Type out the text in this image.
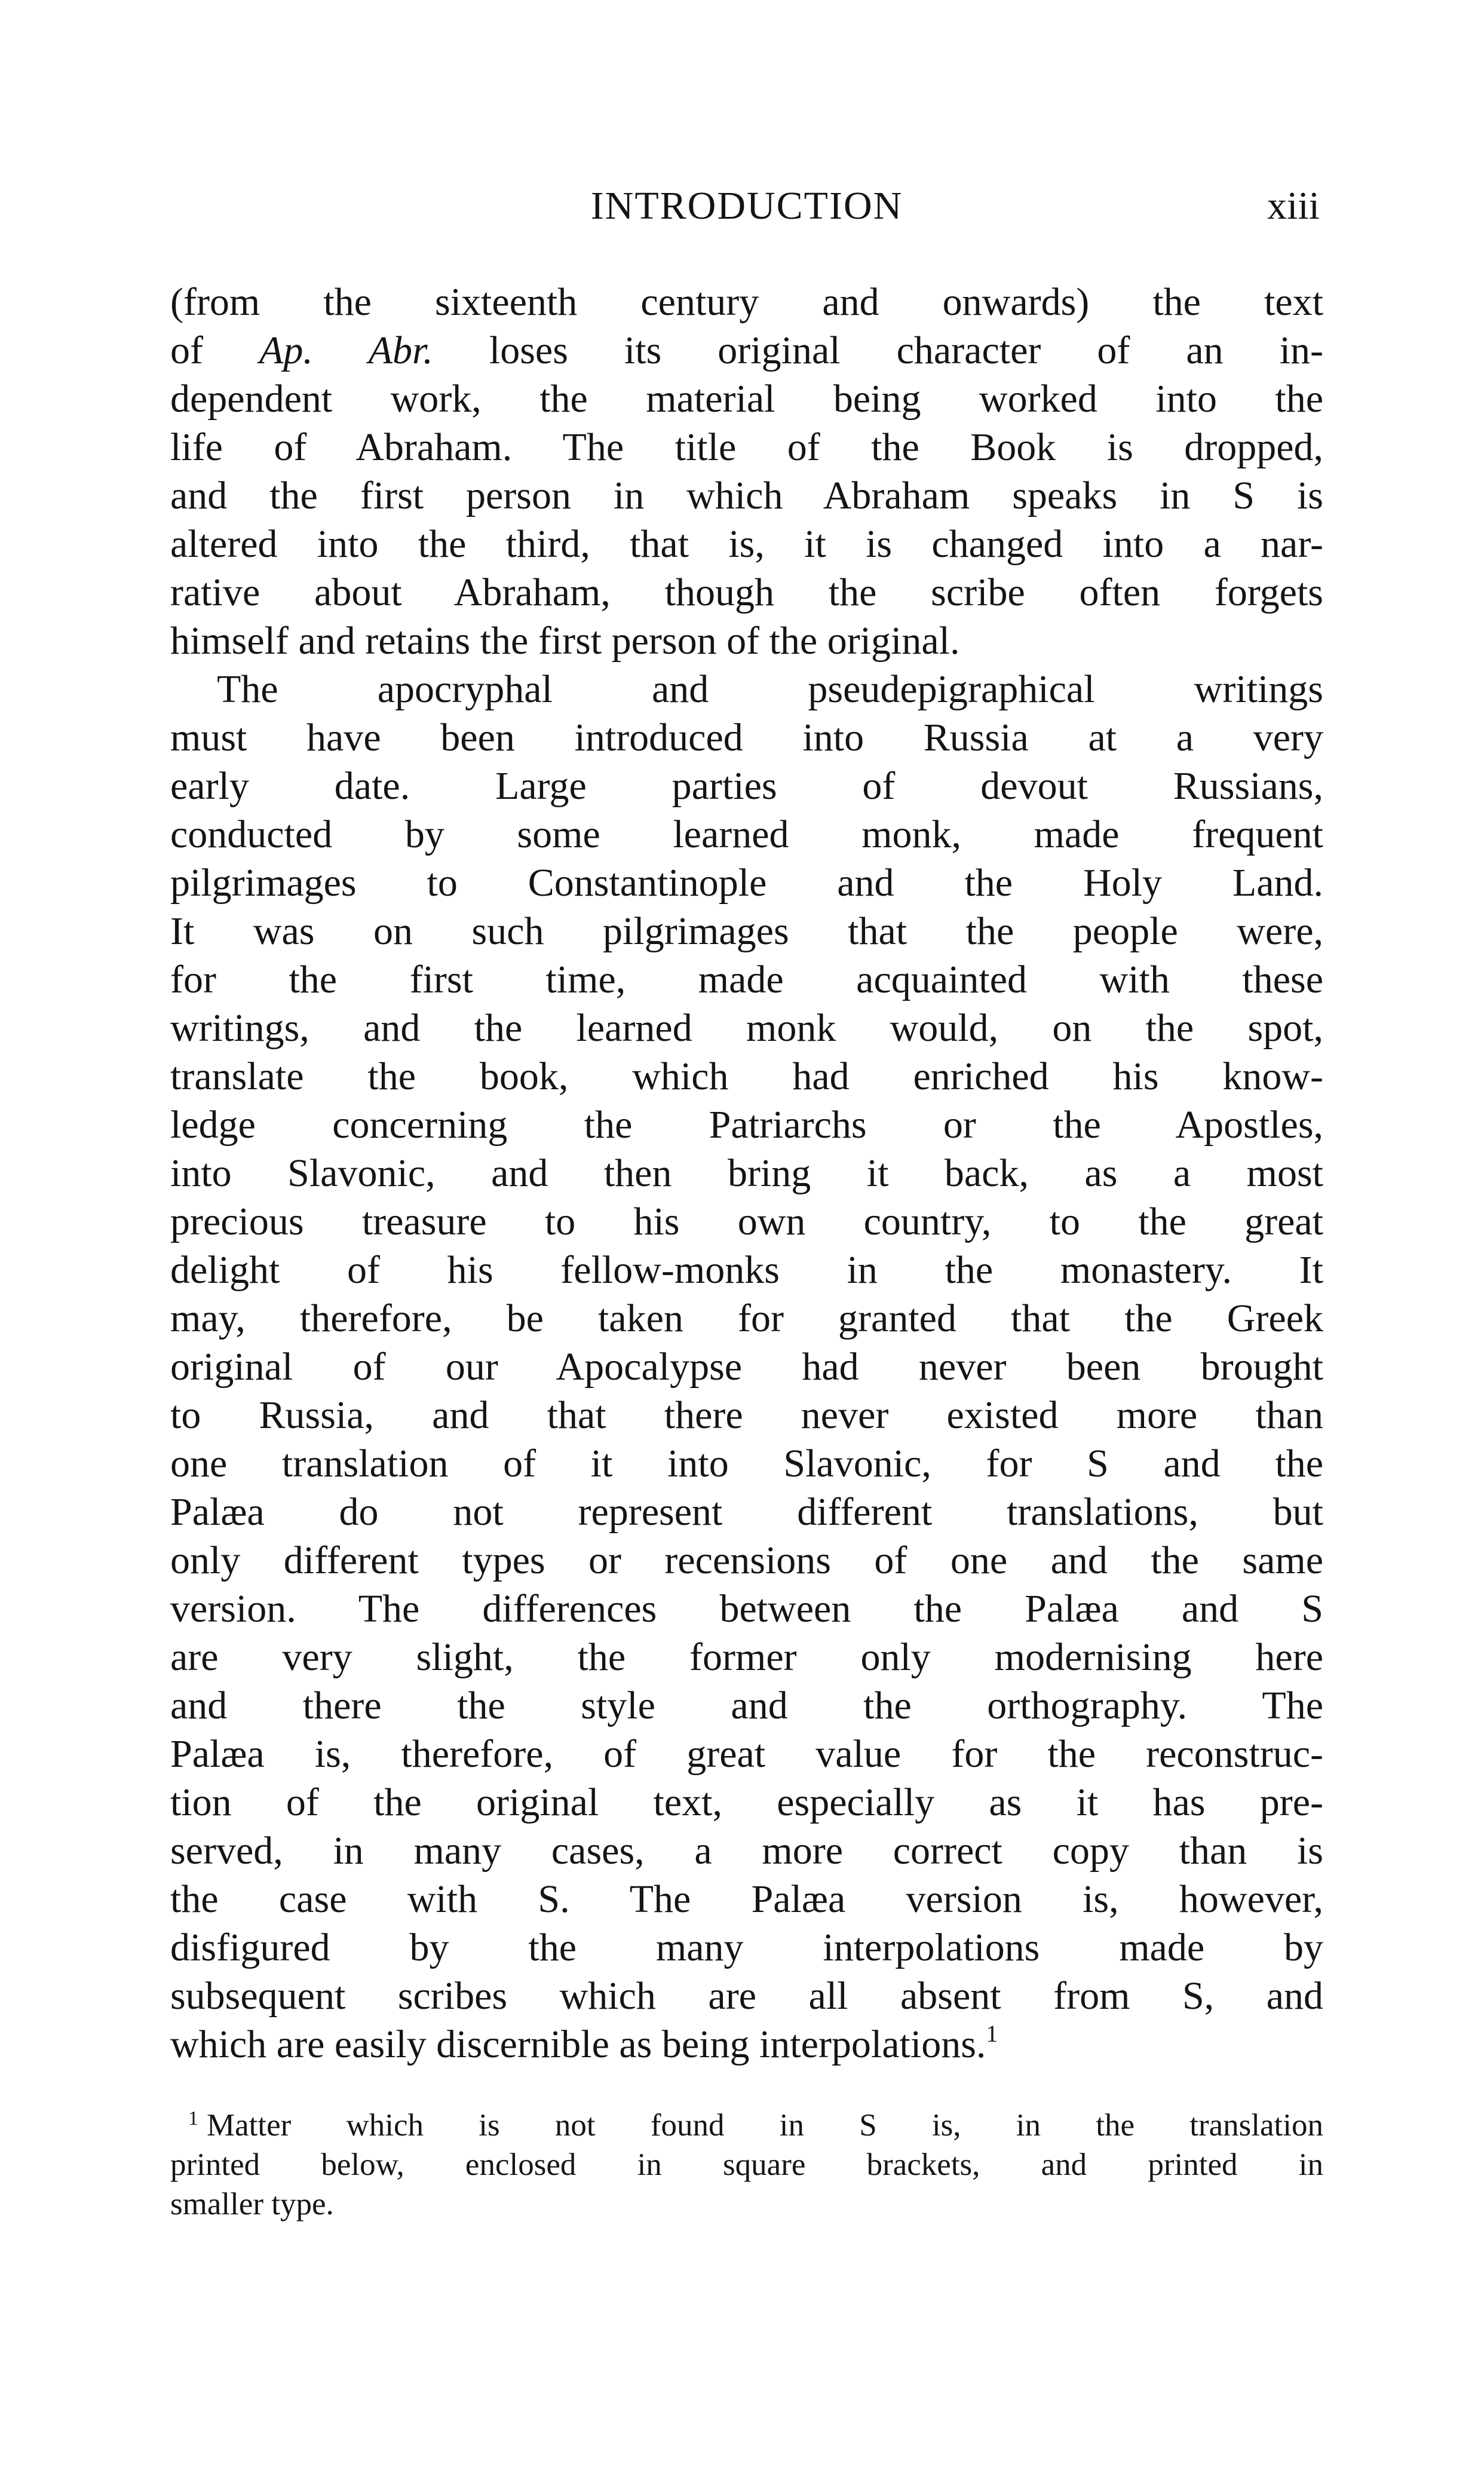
INTRODUCTION	xiii
(from the sixteenth century and onwards) the text
of Ap. Abr. loses its original character of an in-
dependent work, the material being worked into the
life of Abraham. The title of the Book is dropped,
and the first person in which Abraham speaks in S is
altered into the third, that is, it is changed into a nar-
rative about Abraham, though the scribe often forgets
himself and retains the first person of the original.
The apocryphal and pseudepigraphical writings
must have been introduced into Russia at a very
early date. Large parties of devout Russians,
conducted by some learned monk, made frequent
pilgrimages to Constantinople and the Holy Land.
It was on such pilgrimages that the people were,
for the first time, made acquainted with these
writings, and the learned monk would, on the spot,
translate the book, which had enriched his know-
ledge concerning the Patriarchs or the Apostles,
into Slavonic, and then bring it back, as a most
precious treasure to his own country, to the great
delight of his fellow-monks in the monastery. It
may, therefore, be taken for granted that the Greek
original of our Apocalypse had never been brought
to Russia, and that there never existed more than
one translation of it into Slavonic, for S and the
Palæa do not represent different translations, but
only different types or recensions of one and the same
version. The differences between the Palæa and S
are very slight, the former only modernising here
and there the style and the orthography. The
Palæa is, therefore, of great value for the reconstruc-
tion of the original text, especially as it has pre-
served, in many cases, a more correct copy than is
the case with S. The Palæa version is, however,
disfigured by the many interpolations made by
subsequent scribes which are all absent from S, and
which are easily discernible as being interpolations.$^1$
$^1$ Matter which is not found in S is, in the translation
printed below, enclosed in square brackets, and printed in
smaller type.
